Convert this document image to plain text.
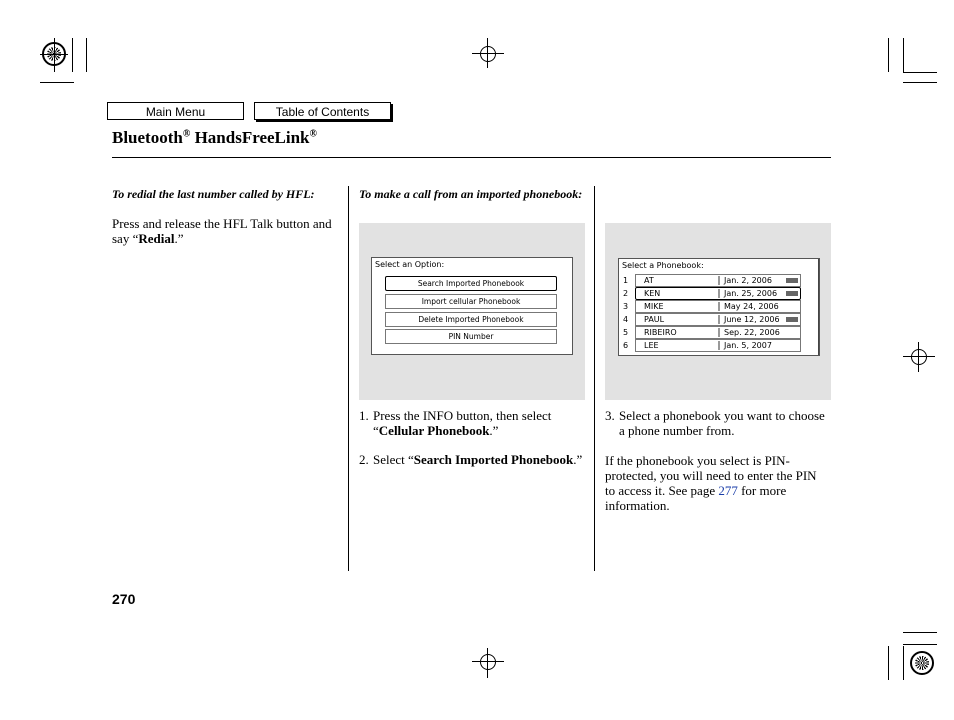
Main Menu	Table of Contents
Bluetooth® HandsFreeLink®
To redial the last number called by HFL:
Press and release the HFL Talk button and say “Redial.”
To make a call from an imported phonebook:
Select an Option:
Search Imported Phonebook
Import cellular Phonebook
Delete Imported Phonebook
PIN Number
1. Press the INFO button, then select “Cellular Phonebook.”
2. Select “Search Imported Phonebook.”
Select a Phonebook:
1	AT	Jan. 2, 2006
2	KEN	Jan. 25, 2006
3	MIKE	May 24, 2006
4	PAUL	June 12, 2006
5	RIBEIRO	Sep. 22, 2006
6	LEE	Jan. 5, 2007
3. Select a phonebook you want to choose a phone number from.
If the phonebook you select is PIN-protected, you will need to enter the PIN to access it. See page 277 for more information.
270
